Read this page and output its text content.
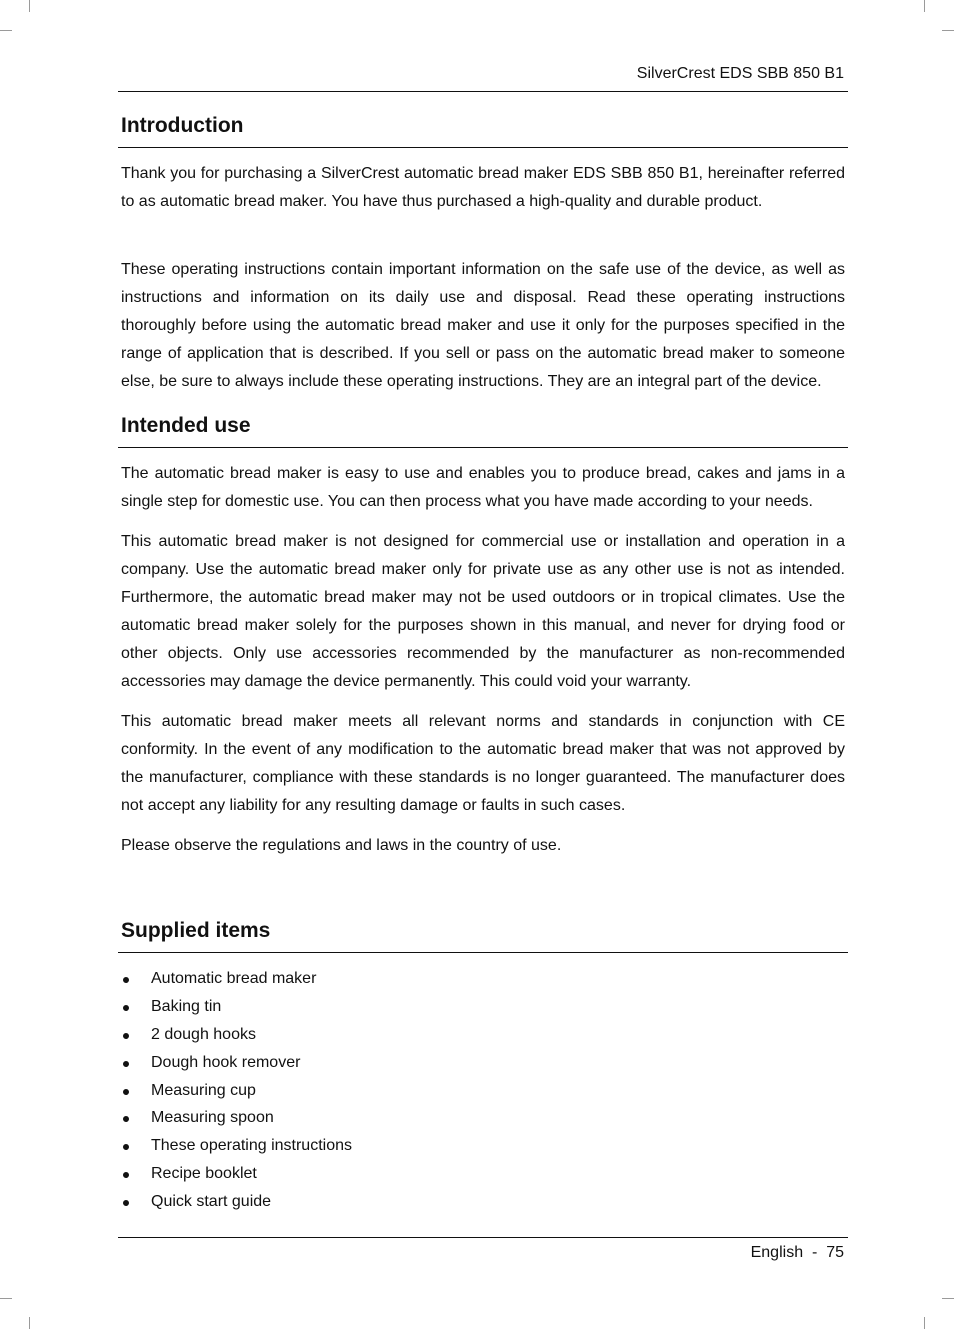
SilverCrest EDS SBB 850 B1
Introduction

Thank you for purchasing a SilverCrest automatic bread maker EDS SBB 850 B1, hereinafter referred to as automatic bread maker. You have thus purchased a high-quality and durable product.

These operating instructions contain important information on the safe use of the device, as well as instructions and information on its daily use and disposal. Read these operating instructions thoroughly before using the automatic bread maker and use it only for the purposes specified in the range of application that is described. If you sell or pass on the automatic bread maker to someone else, be sure to always include these operating instructions. They are an integral part of the device.

Intended use

The automatic bread maker is easy to use and enables you to produce bread, cakes and jams in a single step for domestic use. You can then process what you have made according to your needs.

This automatic bread maker is not designed for commercial use or installation and operation in a company. Use the automatic bread maker only for private use as any other use is not as intended. Furthermore, the automatic bread maker may not be used outdoors or in tropical climates. Use the automatic bread maker solely for the purposes shown in this manual, and never for drying food or other objects. Only use accessories recommended by the manufacturer as non-recommended accessories may damage the device permanently. This could void your warranty.

This automatic bread maker meets all relevant norms and standards in conjunction with CE conformity. In the event of any modification to the automatic bread maker that was not approved by the manufacturer, compliance with these standards is no longer guaranteed. The manufacturer does not accept any liability for any resulting damage or faults in such cases.

Please observe the regulations and laws in the country of use.

Supplied items
Automatic bread maker
Baking tin
2 dough hooks
Dough hook remover
Measuring cup
Measuring spoon
These operating instructions
Recipe booklet
Quick start guide
English - 75
